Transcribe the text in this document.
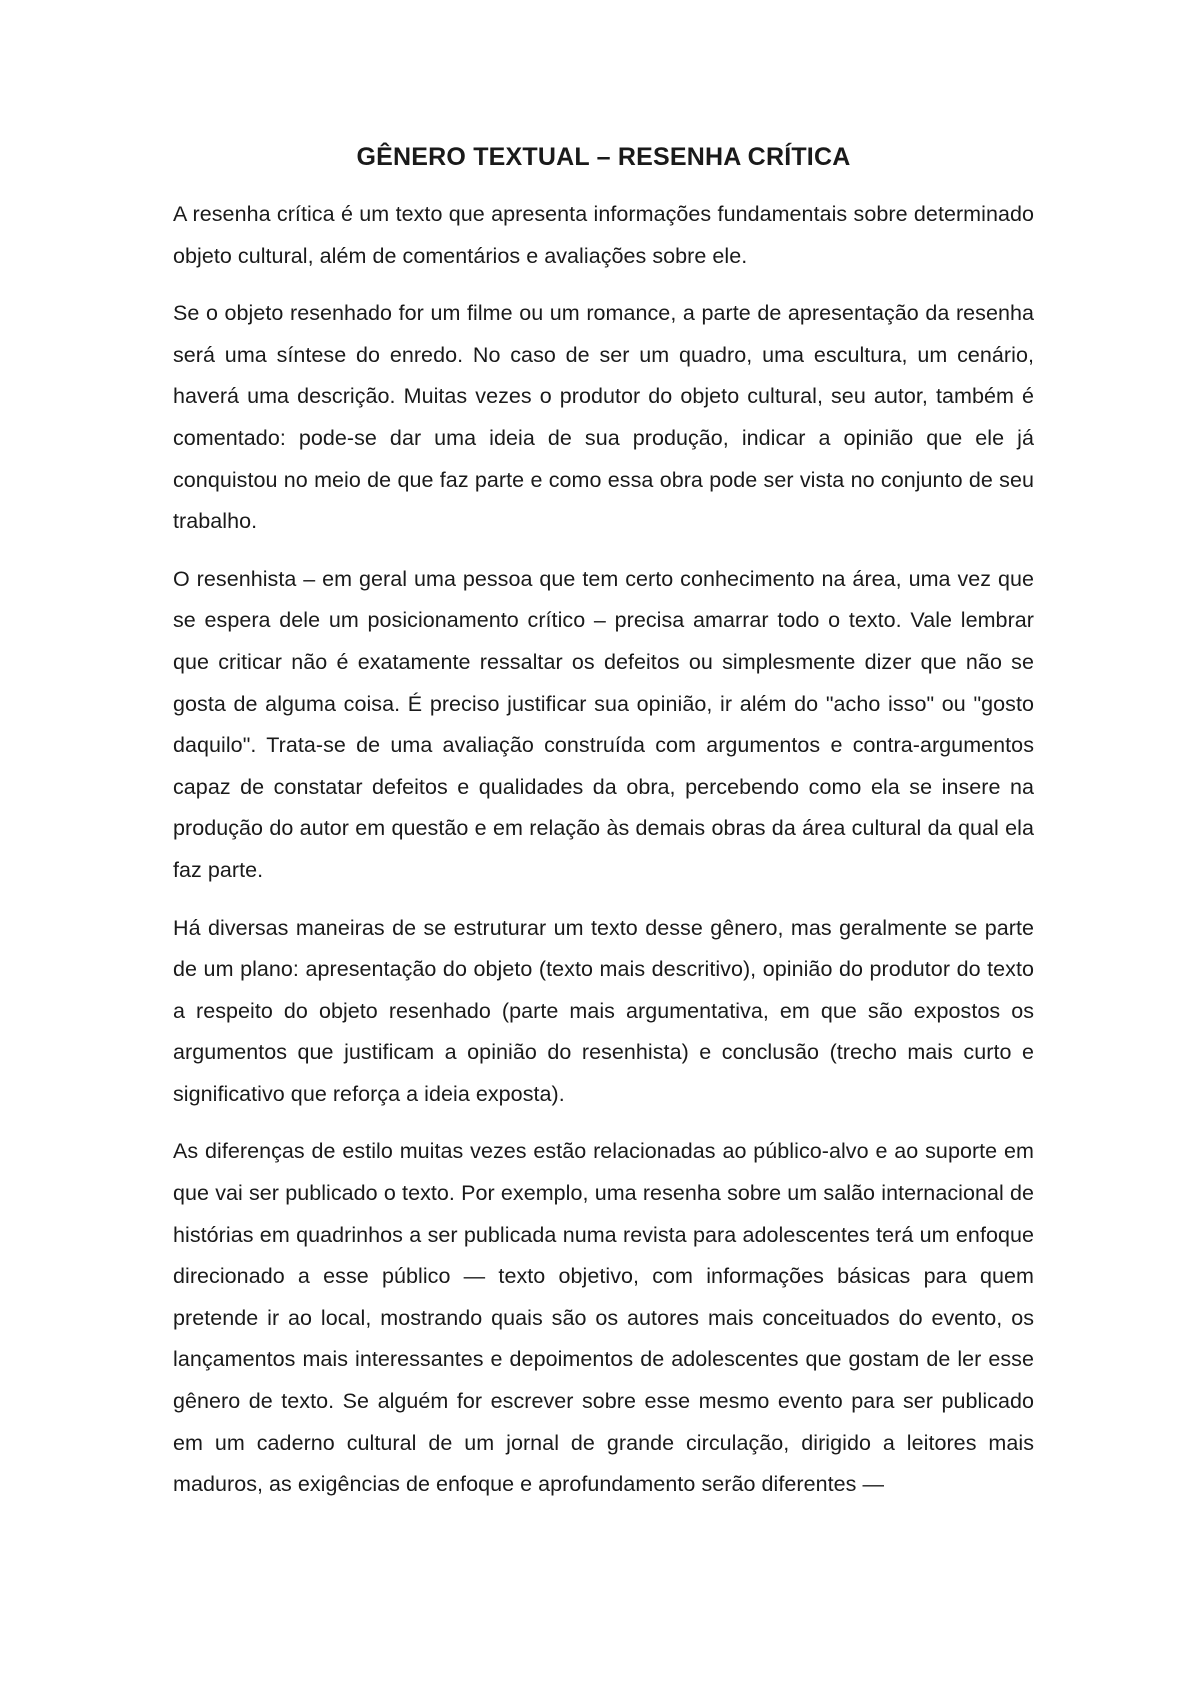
GÊNERO TEXTUAL – RESENHA CRÍTICA

A resenha crítica é um texto que apresenta informações fundamentais sobre determinado objeto cultural, além de comentários e avaliações sobre ele.

Se o objeto resenhado for um filme ou um romance, a parte de apresentação da resenha será uma síntese do enredo. No caso de ser um quadro, uma escultura, um cenário, haverá uma descrição. Muitas vezes o produtor do objeto cultural, seu autor, também é comentado: pode-se dar uma ideia de sua produção, indicar a opinião que ele já conquistou no meio de que faz parte e como essa obra pode ser vista no conjunto de seu trabalho.

O resenhista – em geral uma pessoa que tem certo conhecimento na área, uma vez que se espera dele um posicionamento crítico – precisa amarrar todo o texto. Vale lembrar que criticar não é exatamente ressaltar os defeitos ou simplesmente dizer que não se gosta de alguma coisa. É preciso justificar sua opinião, ir além do "acho isso" ou "gosto daquilo". Trata-se de uma avaliação construída com argumentos e contra-argumentos capaz de constatar defeitos e qualidades da obra, percebendo como ela se insere na produção do autor em questão e em relação às demais obras da área cultural da qual ela faz parte.

Há diversas maneiras de se estruturar um texto desse gênero, mas geralmente se parte de um plano: apresentação do objeto (texto mais descritivo), opinião do produtor do texto a respeito do objeto resenhado (parte mais argumentativa, em que são expostos os argumentos que justificam a opinião do resenhista) e conclusão (trecho mais curto e significativo que reforça a ideia exposta).

As diferenças de estilo muitas vezes estão relacionadas ao público-alvo e ao suporte em que vai ser publicado o texto. Por exemplo, uma resenha sobre um salão internacional de histórias em quadrinhos a ser publicada numa revista para adolescentes terá um enfoque direcionado a esse público — texto objetivo, com informações básicas para quem pretende ir ao local, mostrando quais são os autores mais conceituados do evento, os lançamentos mais interessantes e depoimentos de adolescentes que gostam de ler esse gênero de texto. Se alguém for escrever sobre esse mesmo evento para ser publicado em um caderno cultural de um jornal de grande circulação, dirigido a leitores mais maduros, as exigências de enfoque e aprofundamento serão diferentes —
